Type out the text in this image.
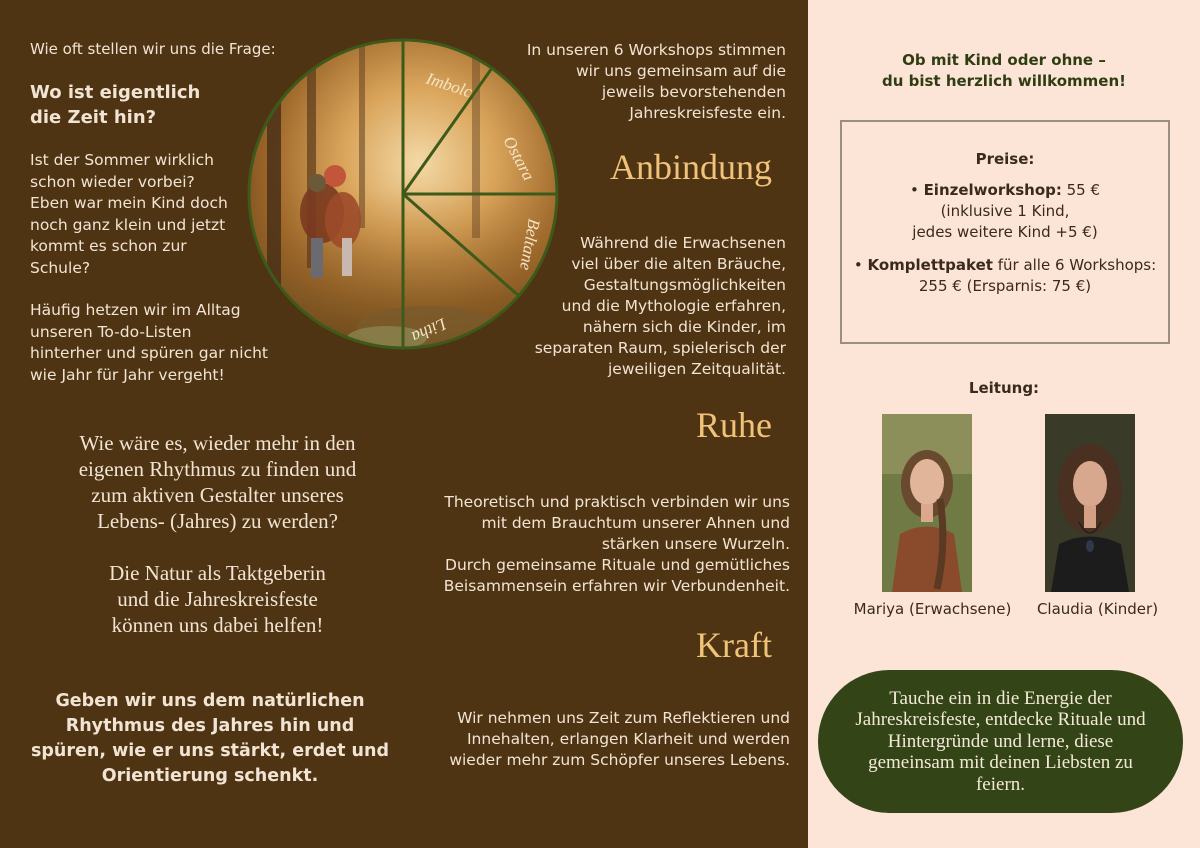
Wie oft stellen wir uns die Frage:

Wo ist eigentlich
die Zeit hin?
Ist der Sommer wirklich
schon wieder vorbei?
Eben war mein Kind doch
noch ganz klein und jetzt
kommt es schon zur
Schule?
Häufig hetzen wir im Alltag
unseren To-do-Listen
hinterher und spüren gar nicht
wie Jahr für Jahr vergeht!
Wie wäre es, wieder mehr in den
eigenen Rhythmus zu finden und
zum aktiven Gestalter unseres
Lebens- (Jahres) zu werden?
Die Natur als Taktgeberin
und die Jahreskreisfeste
können uns dabei helfen!
Geben wir uns dem natürlichen
Rhythmus des Jahres hin und
spüren, wie er uns stärkt, erdet und
Orientierung schenkt.
Imbolc
Ostara
Beltane
Litha
In unseren 6 Workshops stimmen
wir uns gemeinsam auf die
jeweils bevorstehenden
Jahreskreisfeste ein.
Anbindung
Während die Erwachsenen
viel über die alten Bräuche,
Gestaltungsmöglichkeiten
und die Mythologie erfahren,
nähern sich die Kinder, im
separaten Raum, spielerisch der
jeweiligen Zeitqualität.
Ruhe
Theoretisch und praktisch verbinden wir uns
mit dem Brauchtum unserer Ahnen und
stärken unsere Wurzeln.
Durch gemeinsame Rituale und gemütliches
Beisammensein erfahren wir Verbundenheit.
Kraft
Wir nehmen uns Zeit zum Reflektieren und
Innehalten, erlangen Klarheit und werden
wieder mehr zum Schöpfer unseres Lebens.
Ob mit Kind oder ohne –
du bist herzlich willkommen!
Preise:
• Einzelworkshop: 55 €
(inklusive 1 Kind,
jedes weitere Kind +5 €)
• Komplettpaket für alle 6 Workshops:
255 € (Ersparnis: 75 €)
Leitung:
Mariya (Erwachsene)	Claudia (Kinder)
Tauche ein in die Energie der Jahreskreisfeste, entdecke Rituale und Hintergründe und lerne, diese gemeinsam mit deinen Liebsten zu feiern.
